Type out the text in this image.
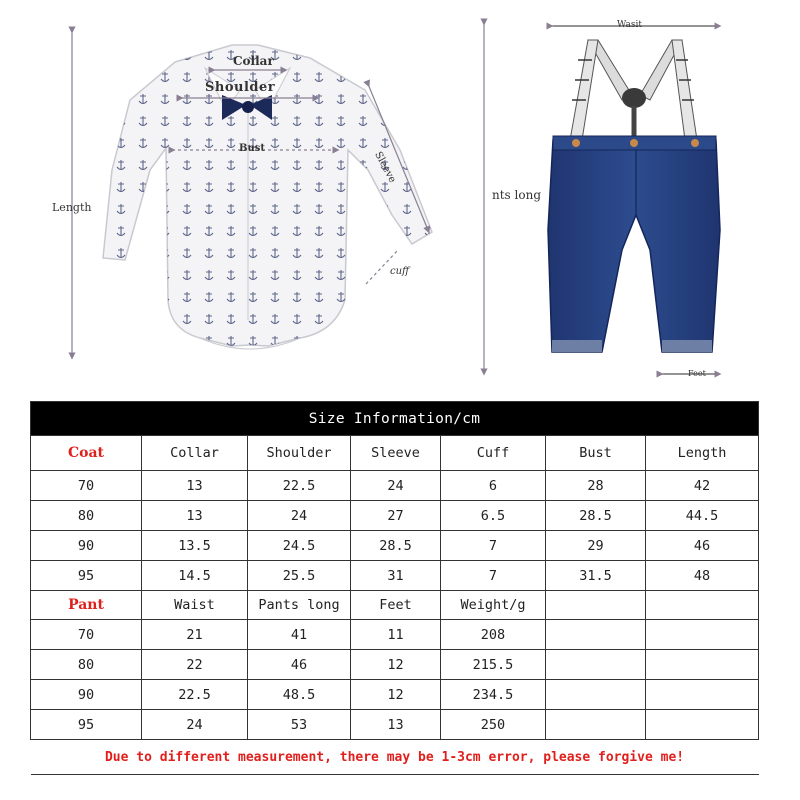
Collar
Shoulder
Bust
Length
Sleeve
cuff
nts long
Wasit
Feet
Size Information/cm						
Coat	Collar	Shoulder	Sleeve	Cuff	Bust	Length
70	13	22.5	24	6	28	42
80	13	24	27	6.5	28.5	44.5
90	13.5	24.5	28.5	7	29	46
95	14.5	25.5	31	7	31.5	48
Pant	Waist	Pants long	Feet	Weight/g		
70	21	41	11	208		
80	22	46	12	215.5		
90	22.5	48.5	12	234.5		
95	24	53	13	250		
Due to different measurement, there may be 1-3cm error, please forgive me!						
